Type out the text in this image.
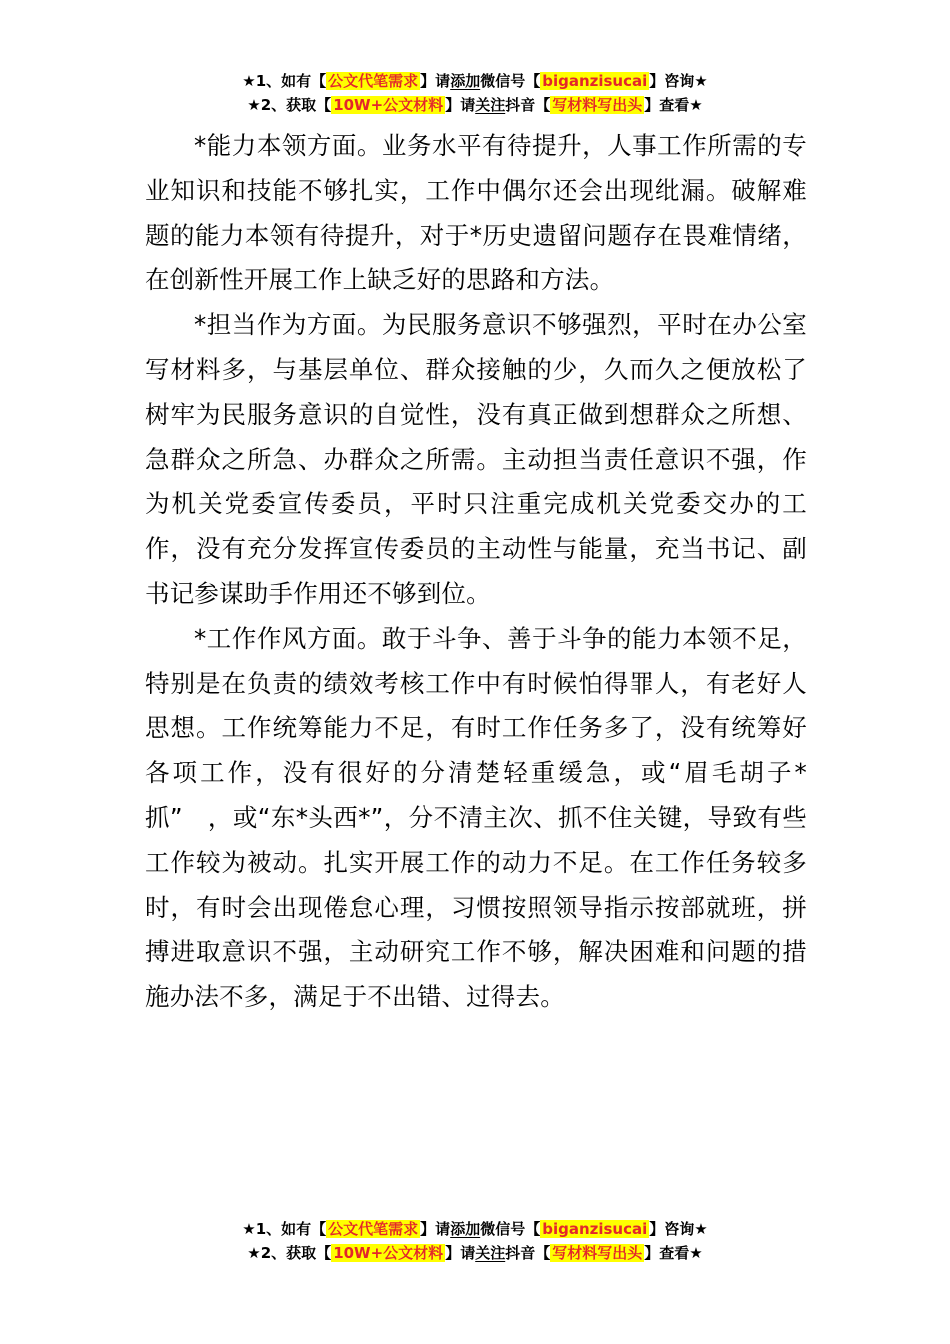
★1、如有【 公文代笔需求 】请添加微信号【 biganzisucai 】咨询★
★2、获取【 10W+公文材料 】请关注抖音【 写材料写出头 】查看★

*能力本领方面。业务水平有待提升，人事工作所需的专业知识和技能不够扎实，工作中偶尔还会出现纰漏。破解难题的能力本领有待提升，对于*历史遗留问题存在畏难情绪，在创新性开展工作上缺乏好的思路和方法。

*担当作为方面。为民服务意识不够强烈，平时在办公室写材料多，与基层单位、群众接触的少，久而久之便放松了树牢为民服务意识的自觉性，没有真正做到想群众之所想、急群众之所急、办群众之所需。主动担当责任意识不强，作为机关党委宣传委员，平时只注重完成机关党委交办的工作，没有充分发挥宣传委员的主动性与能量，充当书记、副书记参谋助手作用还不够到位。

*工作作风方面。敢于斗争、善于斗争的能力本领不足，特别是在负责的绩效考核工作中有时候怕得罪人，有老好人思想。工作统筹能力不足，有时工作任务多了，没有统筹好各项工作，没有很好的分清楚轻重缓急，或“眉毛胡子*抓”　，或“东*头西*”，分不清主次、抓不住关键，导致有些工作较为被动。扎实开展工作的动力不足。在工作任务较多时，有时会出现倦怠心理，习惯按照领导指示按部就班，拼搏进取意识不强，主动研究工作不够，解决困难和问题的措施办法不多，满足于不出错、过得去。

★1、如有【 公文代笔需求 】请添加微信号【 biganzisucai 】咨询★
★2、获取【 10W+公文材料 】请关注抖音【 写材料写出头 】查看★
